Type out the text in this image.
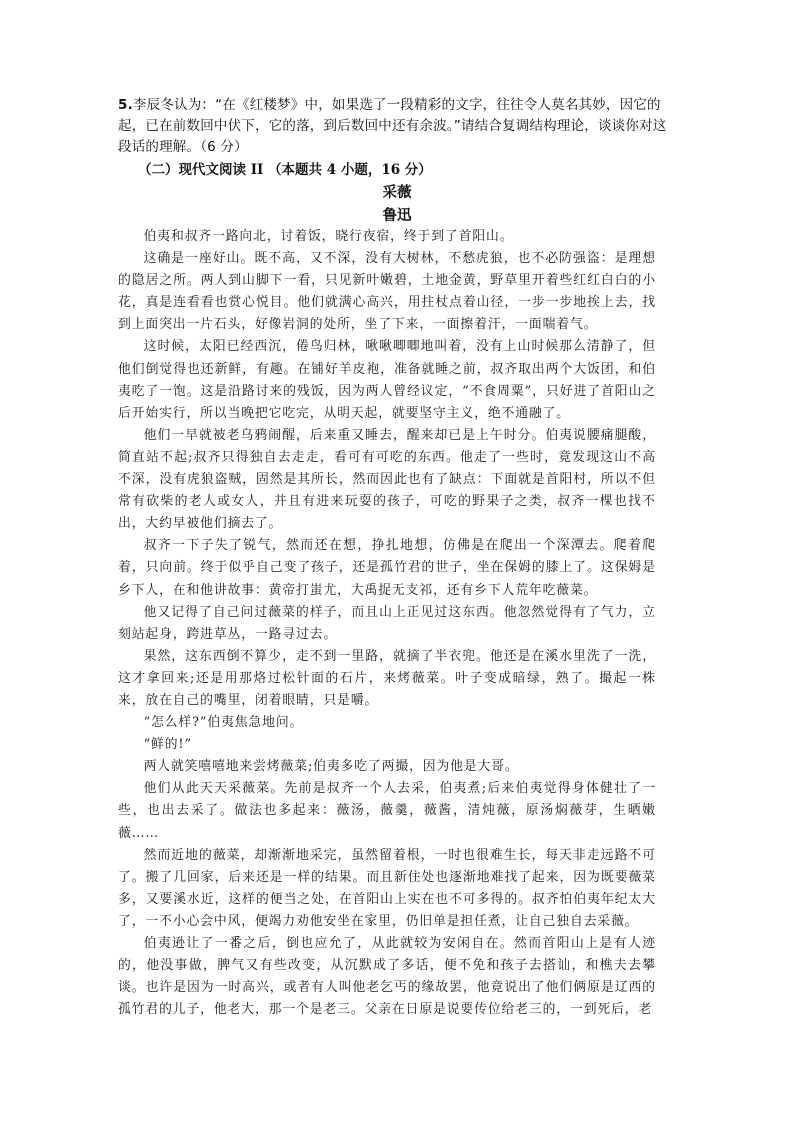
5.李辰冬认为：“在《红楼梦》中，如果选了一段精彩的文字，往往令人莫名其妙，因它的起，已在前数回中伏下，它的落，到后数回中还有余波。”请结合复调结构理论，谈谈你对这段话的理解。（6 分）
（二）现代文阅读 II （本题共 4 小题，16 分）
采薇
鲁迅

伯夷和叔齐一路向北，讨着饭，晓行夜宿，终于到了首阳山。

这确是一座好山。既不高，又不深，没有大树林，不愁虎狼，也不必防强盗：是理想的隐居之所。两人到山脚下一看，只见新叶嫩碧，土地金黄，野草里开着些红红白白的小花，真是连看看也赏心悦目。他们就满心高兴，用拄杖点着山径，一步一步地挨上去，找到上面突出一片石头，好像岩洞的处所，坐了下来，一面擦着汗，一面喘着气。

这时候，太阳已经西沉，倦鸟归林，啾啾唧唧地叫着，没有上山时候那么清静了，但他们倒觉得也还新鲜，有趣。在铺好羊皮袍，准备就睡之前，叔齐取出两个大饭团，和伯夷吃了一饱。这是沿路讨来的残饭，因为两人曾经议定，“不食周粟”，只好进了首阳山之后开始实行，所以当晚把它吃完，从明天起，就要坚守主义，绝不通融了。

他们一早就被老乌鸦闹醒，后来重又睡去，醒来却已是上午时分。伯夷说腰痛腿酸，简直站不起;叔齐只得独自去走走，看可有可吃的东西。他走了一些时，竟发现这山不高不深，没有虎狼盗贼，固然是其所长，然而因此也有了缺点：下面就是首阳村，所以不但常有砍柴的老人或女人，并且有进来玩耍的孩子，可吃的野果子之类，叔齐一棵也找不出，大约早被他们摘去了。

叔齐一下子失了锐气，然而还在想，挣扎地想，仿佛是在爬出一个深潭去。爬着爬着，只向前。终于似乎自己变了孩子，还是孤竹君的世子，坐在保姆的膝上了。这保姆是乡下人，在和他讲故事：黄帝打蚩尤，大禹捉无支祁，还有乡下人荒年吃薇菜。

他又记得了自己问过薇菜的样子，而且山上正见过这东西。他忽然觉得有了气力，立刻站起身，跨进草丛，一路寻过去。

果然，这东西倒不算少，走不到一里路，就摘了半衣兜。他还是在溪水里洗了一洗，这才拿回来;还是用那烙过松针面的石片，来烤薇菜。叶子变成暗绿，熟了。撮起一株来，放在自己的嘴里，闭着眼睛，只是嚼。

“怎么样?”伯夷焦急地问。

“鲜的!”

两人就笑嘻嘻地来尝烤薇菜;伯夷多吃了两撮，因为他是大哥。

他们从此天天采薇菜。先前是叔齐一个人去采，伯夷煮;后来伯夷觉得身体健壮了一些，也出去采了。做法也多起来：薇汤，薇羹，薇酱，清炖薇，原汤焖薇芽，生晒嫩薇……

然而近地的薇菜，却渐渐地采完，虽然留着根，一时也很难生长，每天非走远路不可了。搬了几回家，后来还是一样的结果。而且新住处也逐渐地难找了起来，因为既要薇菜多，又要溪水近，这样的便当之处，在首阳山上实在也不可多得的。叔齐怕伯夷年纪太大了，一不小心会中风，便竭力劝他安坐在家里，仍旧单是担任煮，让自己独自去采薇。

伯夷逊让了一番之后，倒也应允了，从此就较为安闲自在。然而首阳山上是有人迹的，他没事做，脾气又有些改变，从沉默成了多话，便不免和孩子去搭讪，和樵夫去攀谈。也许是因为一时高兴，或者有人叫他老乞丐的缘故罢，他竟说出了他们俩原是辽西的孤竹君的儿子，他老大，那一个是老三。父亲在日原是说要传位给老三的，一到死后，老
